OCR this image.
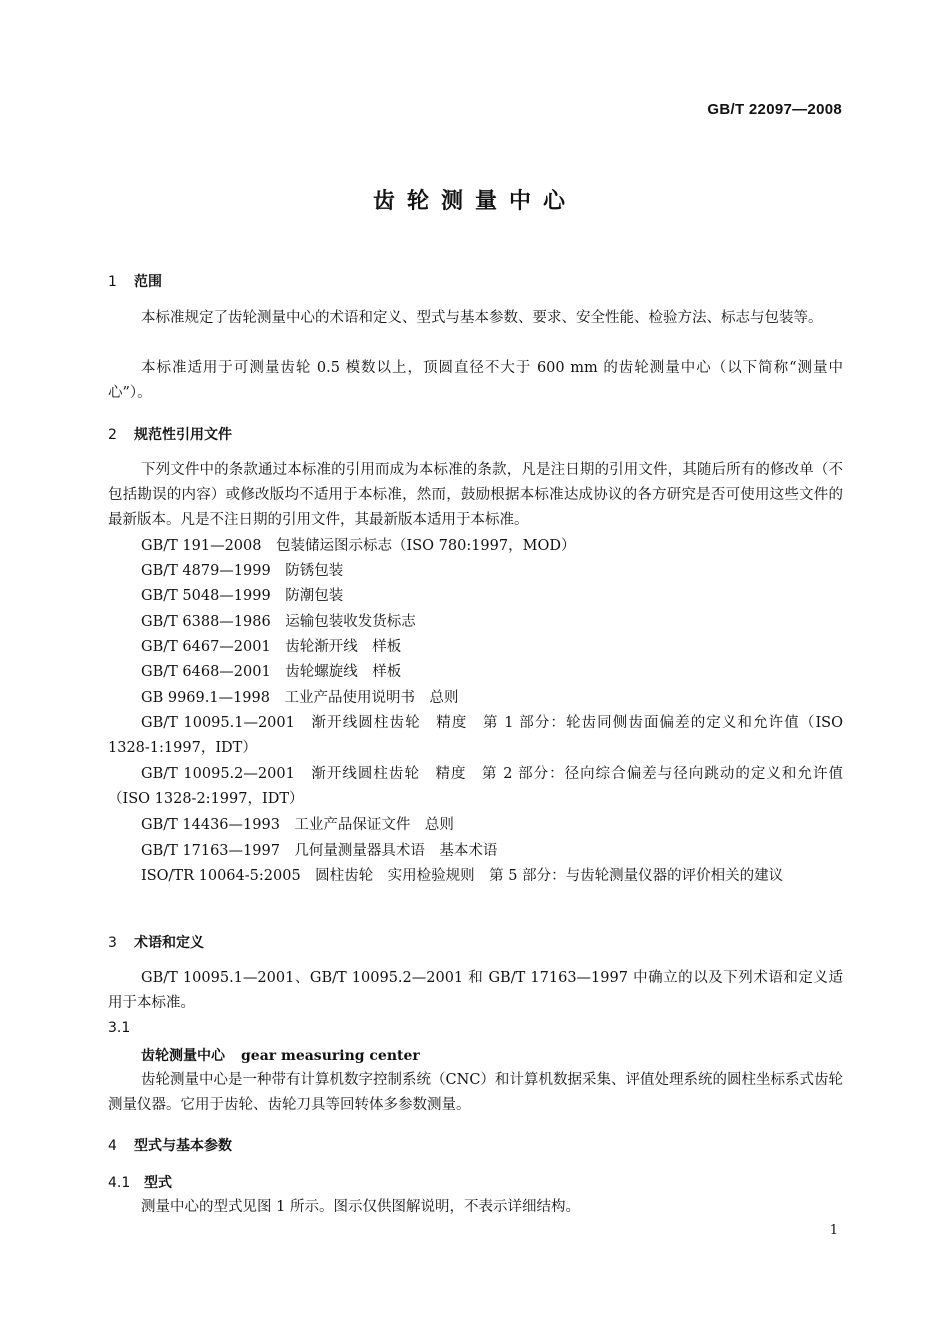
GB/T 22097—2008
齿轮测量中心
1 范围
本标准规定了齿轮测量中心的术语和定义、型式与基本参数、要求、安全性能、检验方法、标志与包装等。
本标准适用于可测量齿轮 0.5 模数以上，顶圆直径不大于 600 mm 的齿轮测量中心（以下简称“测量中心”）。
2 规范性引用文件
下列文件中的条款通过本标准的引用而成为本标准的条款，凡是注日期的引用文件，其随后所有的修改单（不包括勘误的内容）或修改版均不适用于本标准，然而，鼓励根据本标准达成协议的各方研究是否可使用这些文件的最新版本。凡是不注日期的引用文件，其最新版本适用于本标准。
GB/T 191—2008　包装储运图示标志（ISO 780:1997，MOD）
GB/T 4879—1999　防锈包装
GB/T 5048—1999　防潮包装
GB/T 6388—1986　运输包装收发货标志
GB/T 6467—2001　齿轮渐开线　样板
GB/T 6468—2001　齿轮螺旋线　样板
GB 9969.1—1998　工业产品使用说明书　总则
GB/T 10095.1—2001　渐开线圆柱齿轮　精度　第 1 部分：轮齿同侧齿面偏差的定义和允许值（ISO 1328-1:1997，IDT）
GB/T 10095.2—2001　渐开线圆柱齿轮　精度　第 2 部分：径向综合偏差与径向跳动的定义和允许值（ISO 1328-2:1997，IDT）
GB/T 14436—1993　工业产品保证文件　总则
GB/T 17163—1997　几何量测量器具术语　基本术语
ISO/TR 10064-5:2005　圆柱齿轮　实用检验规则　第 5 部分：与齿轮测量仪器的评价相关的建议
3 术语和定义
GB/T 10095.1—2001、GB/T 10095.2—2001 和 GB/T 17163—1997 中确立的以及下列术语和定义适用于本标准。
3.1
齿轮测量中心 gear measuring center
齿轮测量中心是一种带有计算机数字控制系统（CNC）和计算机数据采集、评值处理系统的圆柱坐标系式齿轮测量仪器。它用于齿轮、齿轮刀具等回转体多参数测量。
4 型式与基本参数
4.1 型式
测量中心的型式见图 1 所示。图示仅供图解说明，不表示详细结构。
1
